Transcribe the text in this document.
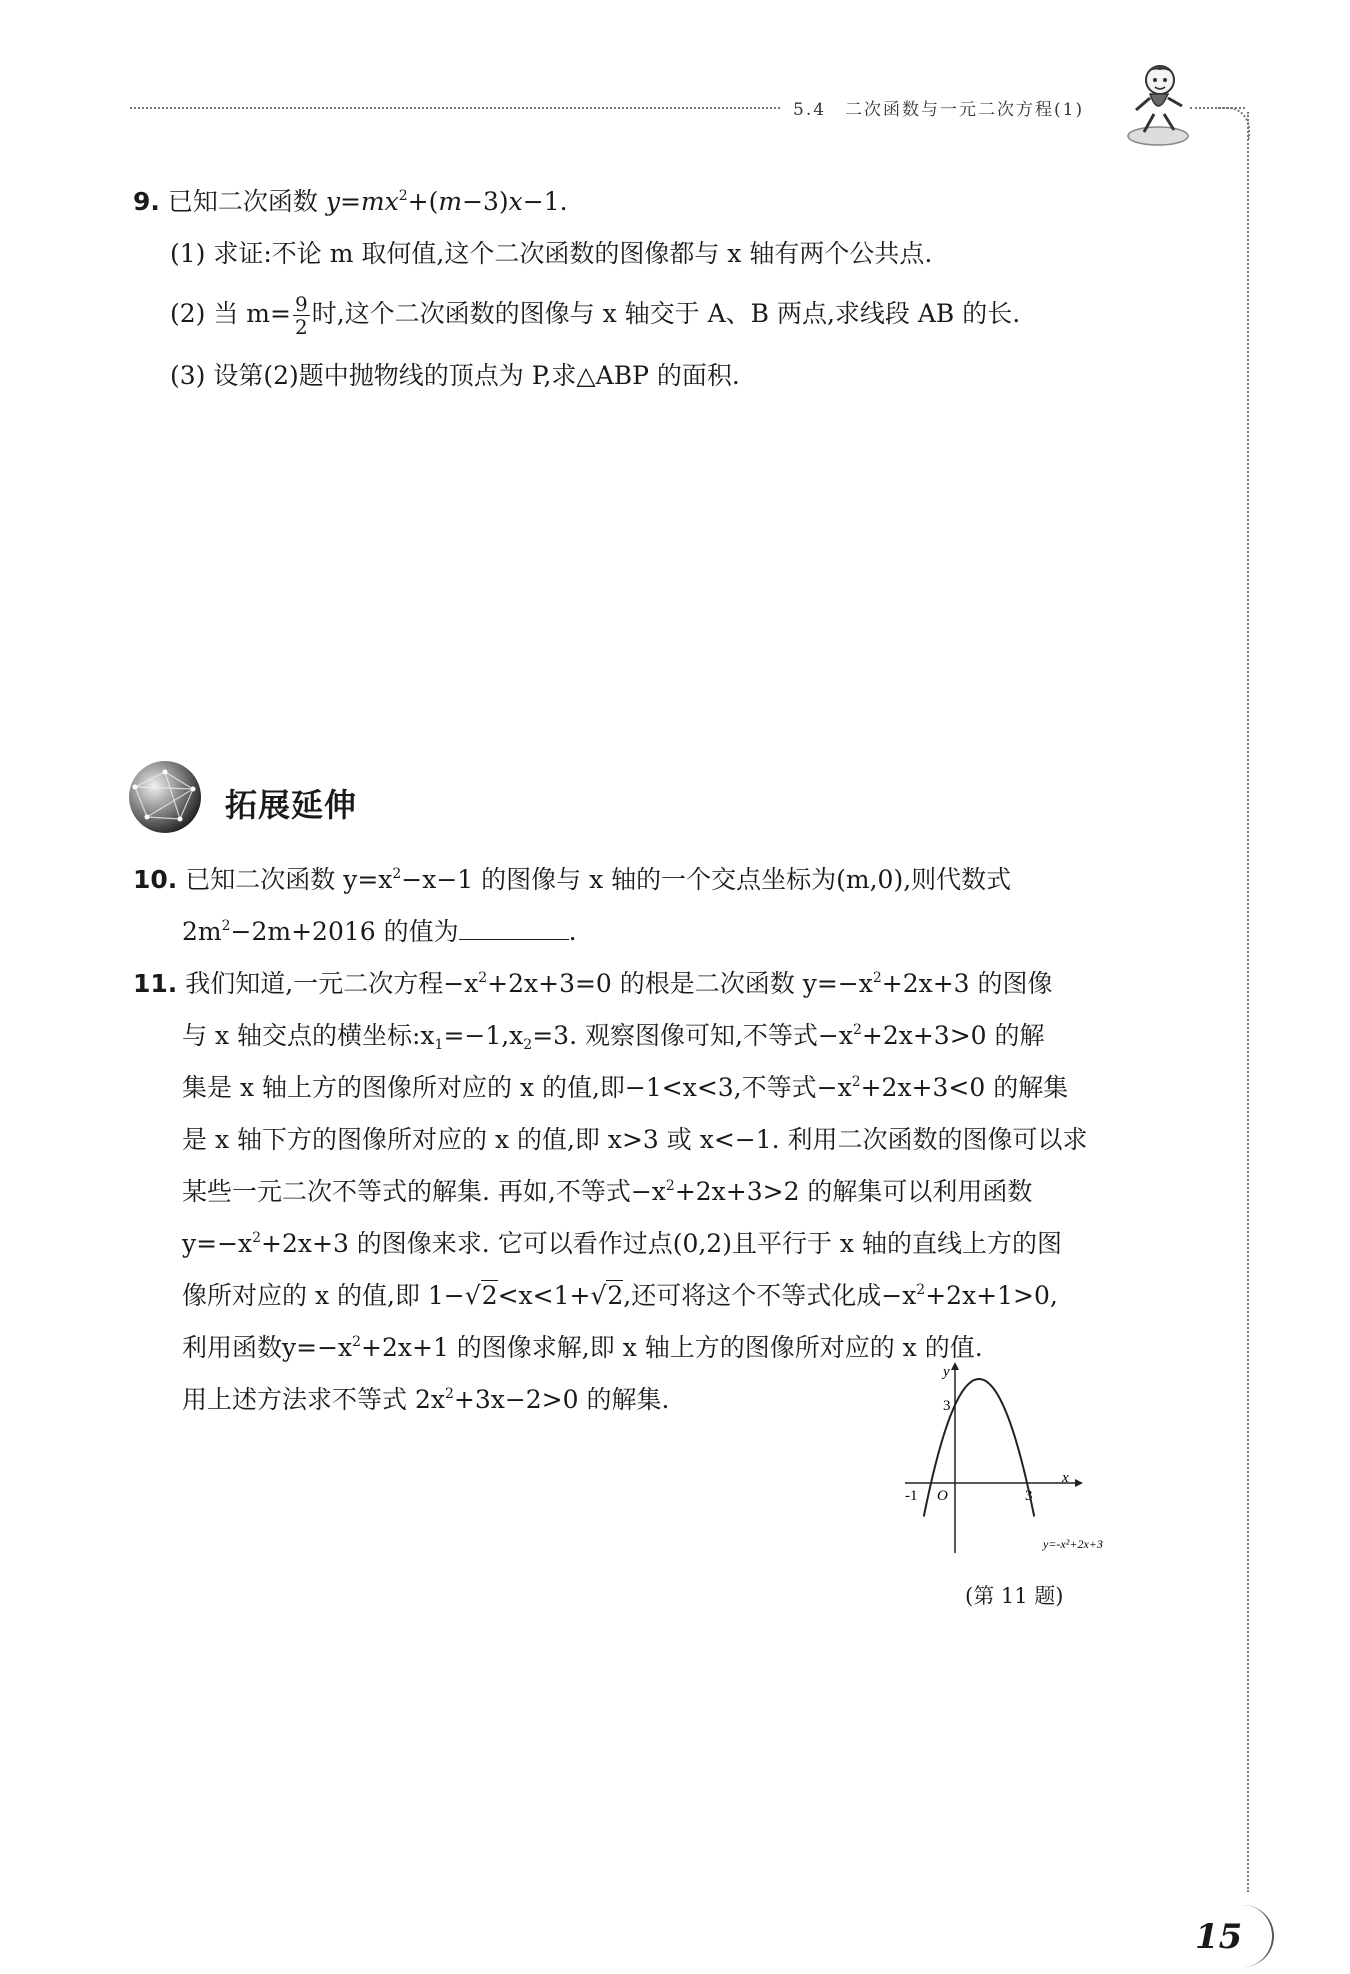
5.4　二次函数与一元二次方程(1)
9. 已知二次函数 $y=mx^2+(m-3)x-1$.
(1) 求证:不论 m 取何值,这个二次函数的图像都与 x 轴有两个公共点.
(2) 当 $m= \frac{9}{2}$ 时,这个二次函数的图像与 x 轴交于 A、B 两点,求线段 AB 的长.
(3) 设第(2)题中抛物线的顶点为 P,求△ABP 的面积.
拓展延伸
10. 已知二次函数 $y=x^2-x-1$ 的图像与 x 轴的一个交点坐标为(m,0),则代数式
$2m^2-2m+2016$ 的值为	.
11. 我们知道,一元二次方程$-x^2+2x+3=0$ 的根是二次函数 $y=-x^2+2x+3$ 的图像
与 x 轴交点的横坐标$:x_1=-1,x_2=3$. 观察图像可知,不等式$-x^2+2x+3>0$ 的解
集是 x 轴上方的图像所对应的 x 的值,即−1<x<3,不等式$-x^2+2x+3<0$ 的解集
是 x 轴下方的图像所对应的 x 的值,即 x>3 或 x<−1. 利用二次函数的图像可以求
某些一元二次不等式的解集. 再如,不等式$-x^2+2x+3>2$ 的解集可以利用函数
$y=-x^2+2x+3$ 的图像来求. 它可以看作过点(0,2)且平行于 x 轴的直线上方的图
像所对应的 x 的值,即 1−√2<x<1+√2,还可将这个不等式化成$-x^2+2x+1>0$,
利用函数$y=-x^2+2x+1$ 的图像求解,即 x 轴上方的图像所对应的 x 的值.
用上述方法求不等式 $2x^2+3x-2>0$ 的解集.
y
x
O
-1	3
3
y=-x²+2x+3
(第 11 题)
15
